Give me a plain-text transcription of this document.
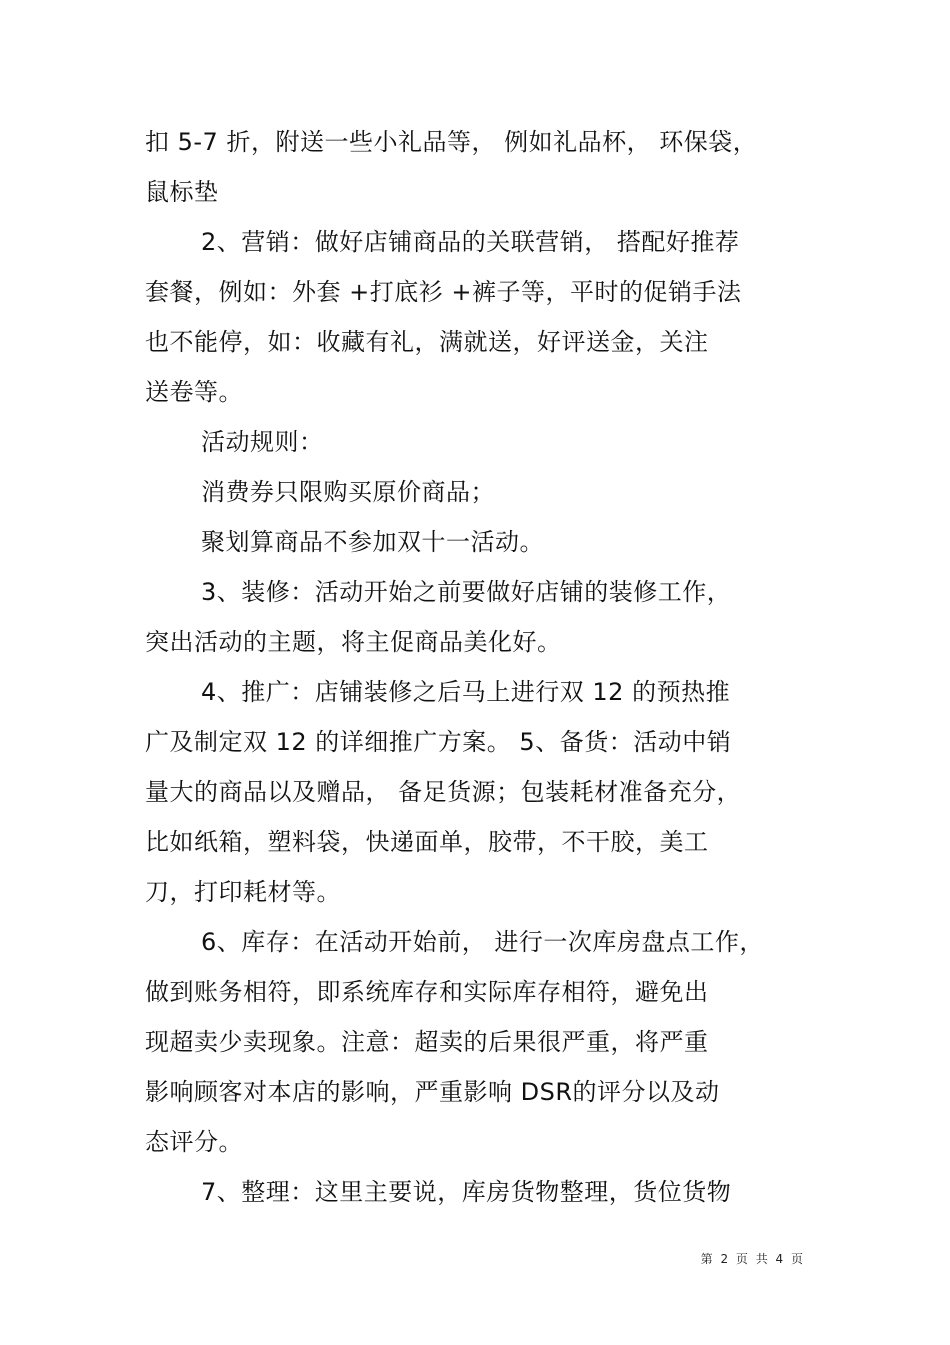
扣 5-7 折，附送一些小礼品等， 例如礼品杯， 环保袋，
鼠标垫
2、营销：做好店铺商品的关联营销， 搭配好推荐
套餐，例如：外套 +打底衫 +裤子等，平时的促销手法
也不能停，如：收藏有礼，满就送，好评送金，关注
送卷等。
活动规则：
消费券只限购买原价商品；
聚划算商品不参加双十一活动。
3、装修：活动开始之前要做好店铺的装修工作，
突出活动的主题，将主促商品美化好。
4、推广：店铺装修之后马上进行双 12 的预热推
广及制定双 12 的详细推广方案。 5、备货：活动中销
量大的商品以及赠品， 备足货源；包装耗材准备充分，
比如纸箱，塑料袋，快递面单，胶带，不干胶，美工
刀，打印耗材等。
6、库存：在活动开始前， 进行一次库房盘点工作，
做到账务相符，即系统库存和实际库存相符，避免出
现超卖少卖现象。注意：超卖的后果很严重，将严重
影响顾客对本店的影响，严重影响 DSR的评分以及动
态评分。
7、整理：这里主要说，库房货物整理，货位货物
第 2 页 共 4 页
